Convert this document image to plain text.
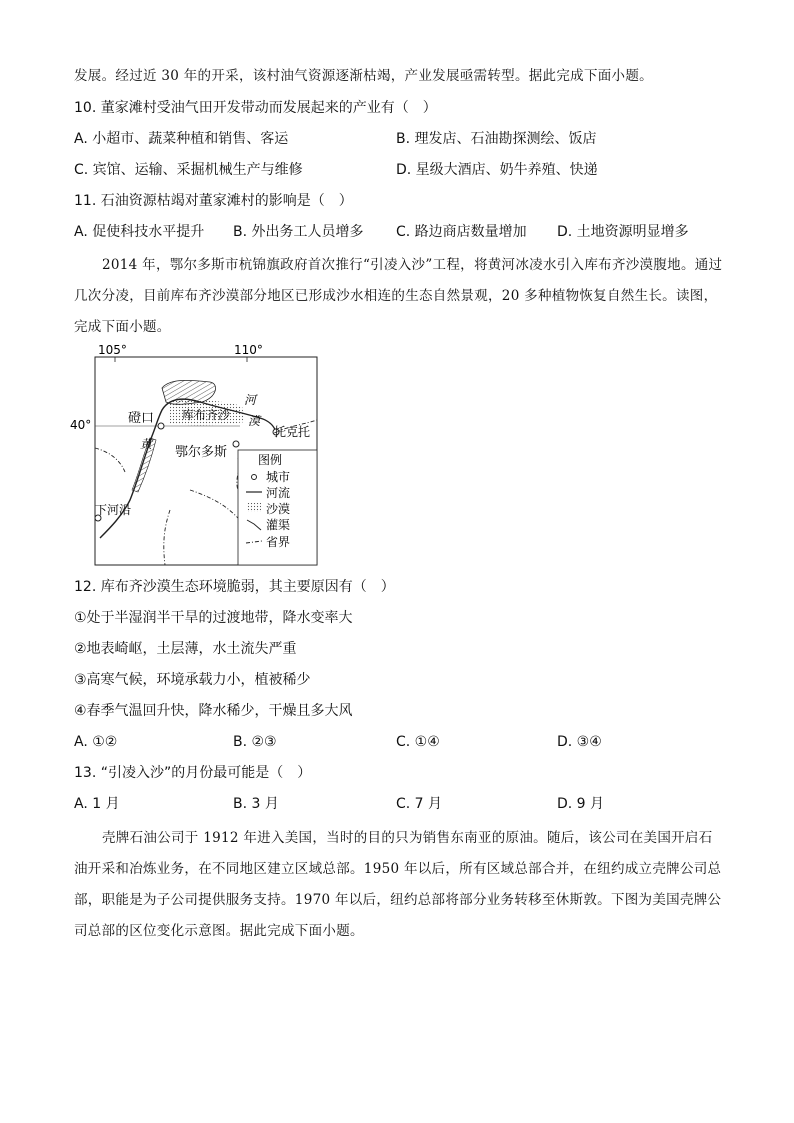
发展。经过近 30 年的开采，该村油气资源逐渐枯竭，产业发展亟需转型。据此完成下面小题。
10. 董家滩村受油气田开发带动而发展起来的产业有（　）
A. 小超市、蔬菜种植和销售、客运	B. 理发店、石油勘探测绘、饭店
C. 宾馆、运输、采掘机械生产与维修	D. 星级大酒店、奶牛养殖、快递
11. 石油资源枯竭对董家滩村的影响是（　）
A. 促使科技水平提升 B. 外出务工人员增多 C. 路边商店数量增加 D. 土地资源明显增多
2014 年，鄂尔多斯市杭锦旗政府首次推行“引凌入沙”工程，将黄河冰凌水引入库布齐沙漠腹地。通过
几次分凌，目前库布齐沙漠部分地区已形成沙水相连的生态自然景观，20 多种植物恢复自然生长。读图，
完成下面小题。
105°	110°
40°	磴口 库布齐沙 漠
河
黄
鄂尔多斯
托克托
下河沿
图例
城市
河流
沙漠
灌渠
省界
12. 库布齐沙漠生态环境脆弱，其主要原因有（　）
①处于半湿润半干旱的过渡地带，降水变率大
②地表崎岖，土层薄，水土流失严重
③高寒气候，环境承载力小，植被稀少
④春季气温回升快，降水稀少，干燥且多大风
A. ①②	B. ②③	C. ①④	D. ③④
13. “引凌入沙”的月份最可能是（　）
A. 1 月	B. 3 月	C. 7 月	D. 9 月
壳牌石油公司于 1912 年进入美国，当时的目的只为销售东南亚的原油。随后，该公司在美国开启石
油开采和冶炼业务，在不同地区建立区域总部。1950 年以后，所有区域总部合并，在纽约成立壳牌公司总
部，职能是为子公司提供服务支持。1970 年以后，纽约总部将部分业务转移至休斯敦。下图为美国壳牌公
司总部的区位变化示意图。据此完成下面小题。
